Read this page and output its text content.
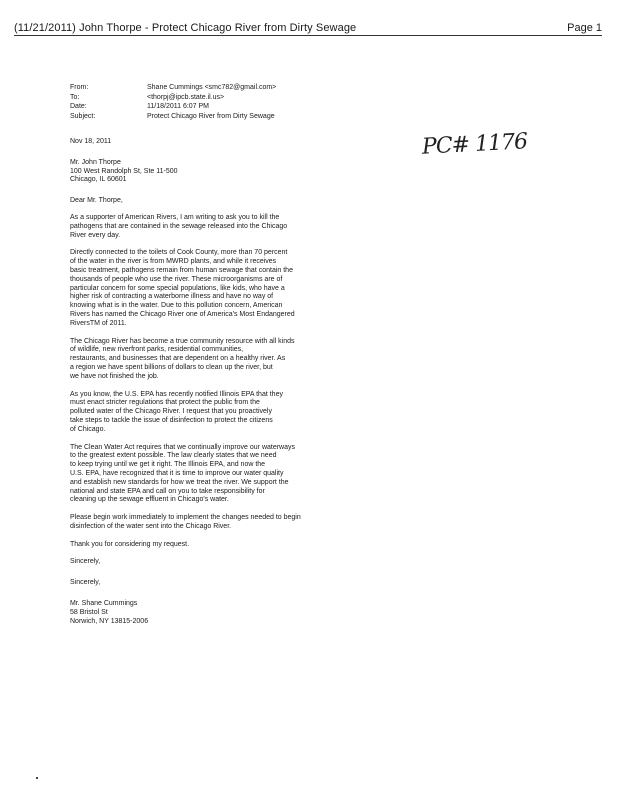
(11/21/2011) John Thorpe - Protect Chicago River from Dirty Sewage	Page 1
From:	Shane Cummings <smc782@gmail.com>
To:	<thorpj@ipcb.state.il.us>
Date:	11/18/2011 6:07 PM
Subject:	Protect Chicago River from Dirty Sewage
PC# 1176

Nov 18, 2011

Mr. John Thorpe
100 West Randolph St, Ste 11-500
Chicago, IL 60601

Dear Mr. Thorpe,

As a supporter of American Rivers, I am writing to ask you to kill the
pathogens that are contained in the sewage released into the Chicago
River every day.

Directly connected to the toilets of Cook County, more than 70 percent
of the water in the river is from MWRD plants, and while it receives
basic treatment, pathogens remain from human sewage that contain the
thousands of people who use the river. These microorganisms are of
particular concern for some special populations, like kids, who have a
higher risk of contracting a waterborne illness and have no way of
knowing what is in the water. Due to this pollution concern, American
Rivers has named the Chicago River one of America's Most Endangered
RiversTM of 2011.

The Chicago River has become a true community resource with all kinds
of wildlife, new riverfront parks, residential communities,
restaurants, and businesses that are dependent on a healthy river. As
a region we have spent billions of dollars to clean up the river, but
we have not finished the job.

As you know, the U.S. EPA has recently notified Illinois EPA that they
must enact stricter regulations that protect the public from the
polluted water of the Chicago River. I request that you proactively
take steps to tackle the issue of disinfection to protect the citizens
of Chicago.

The Clean Water Act requires that we continually improve our waterways
to the greatest extent possible. The law clearly states that we need
to keep trying until we get it right. The Illinois EPA, and now the
U.S. EPA, have recognized that it is time to improve our water quality
and establish new standards for how we treat the river. We support the
national and state EPA and call on you to take responsibility for
cleaning up the sewage effluent in Chicago's water.

Please begin work immediately to implement the changes needed to begin
disinfection of the water sent into the Chicago River.

Thank you for considering my request.

Sincerely,

Sincerely,

Mr. Shane Cummings
58 Bristol St
Norwich, NY 13815-2006
